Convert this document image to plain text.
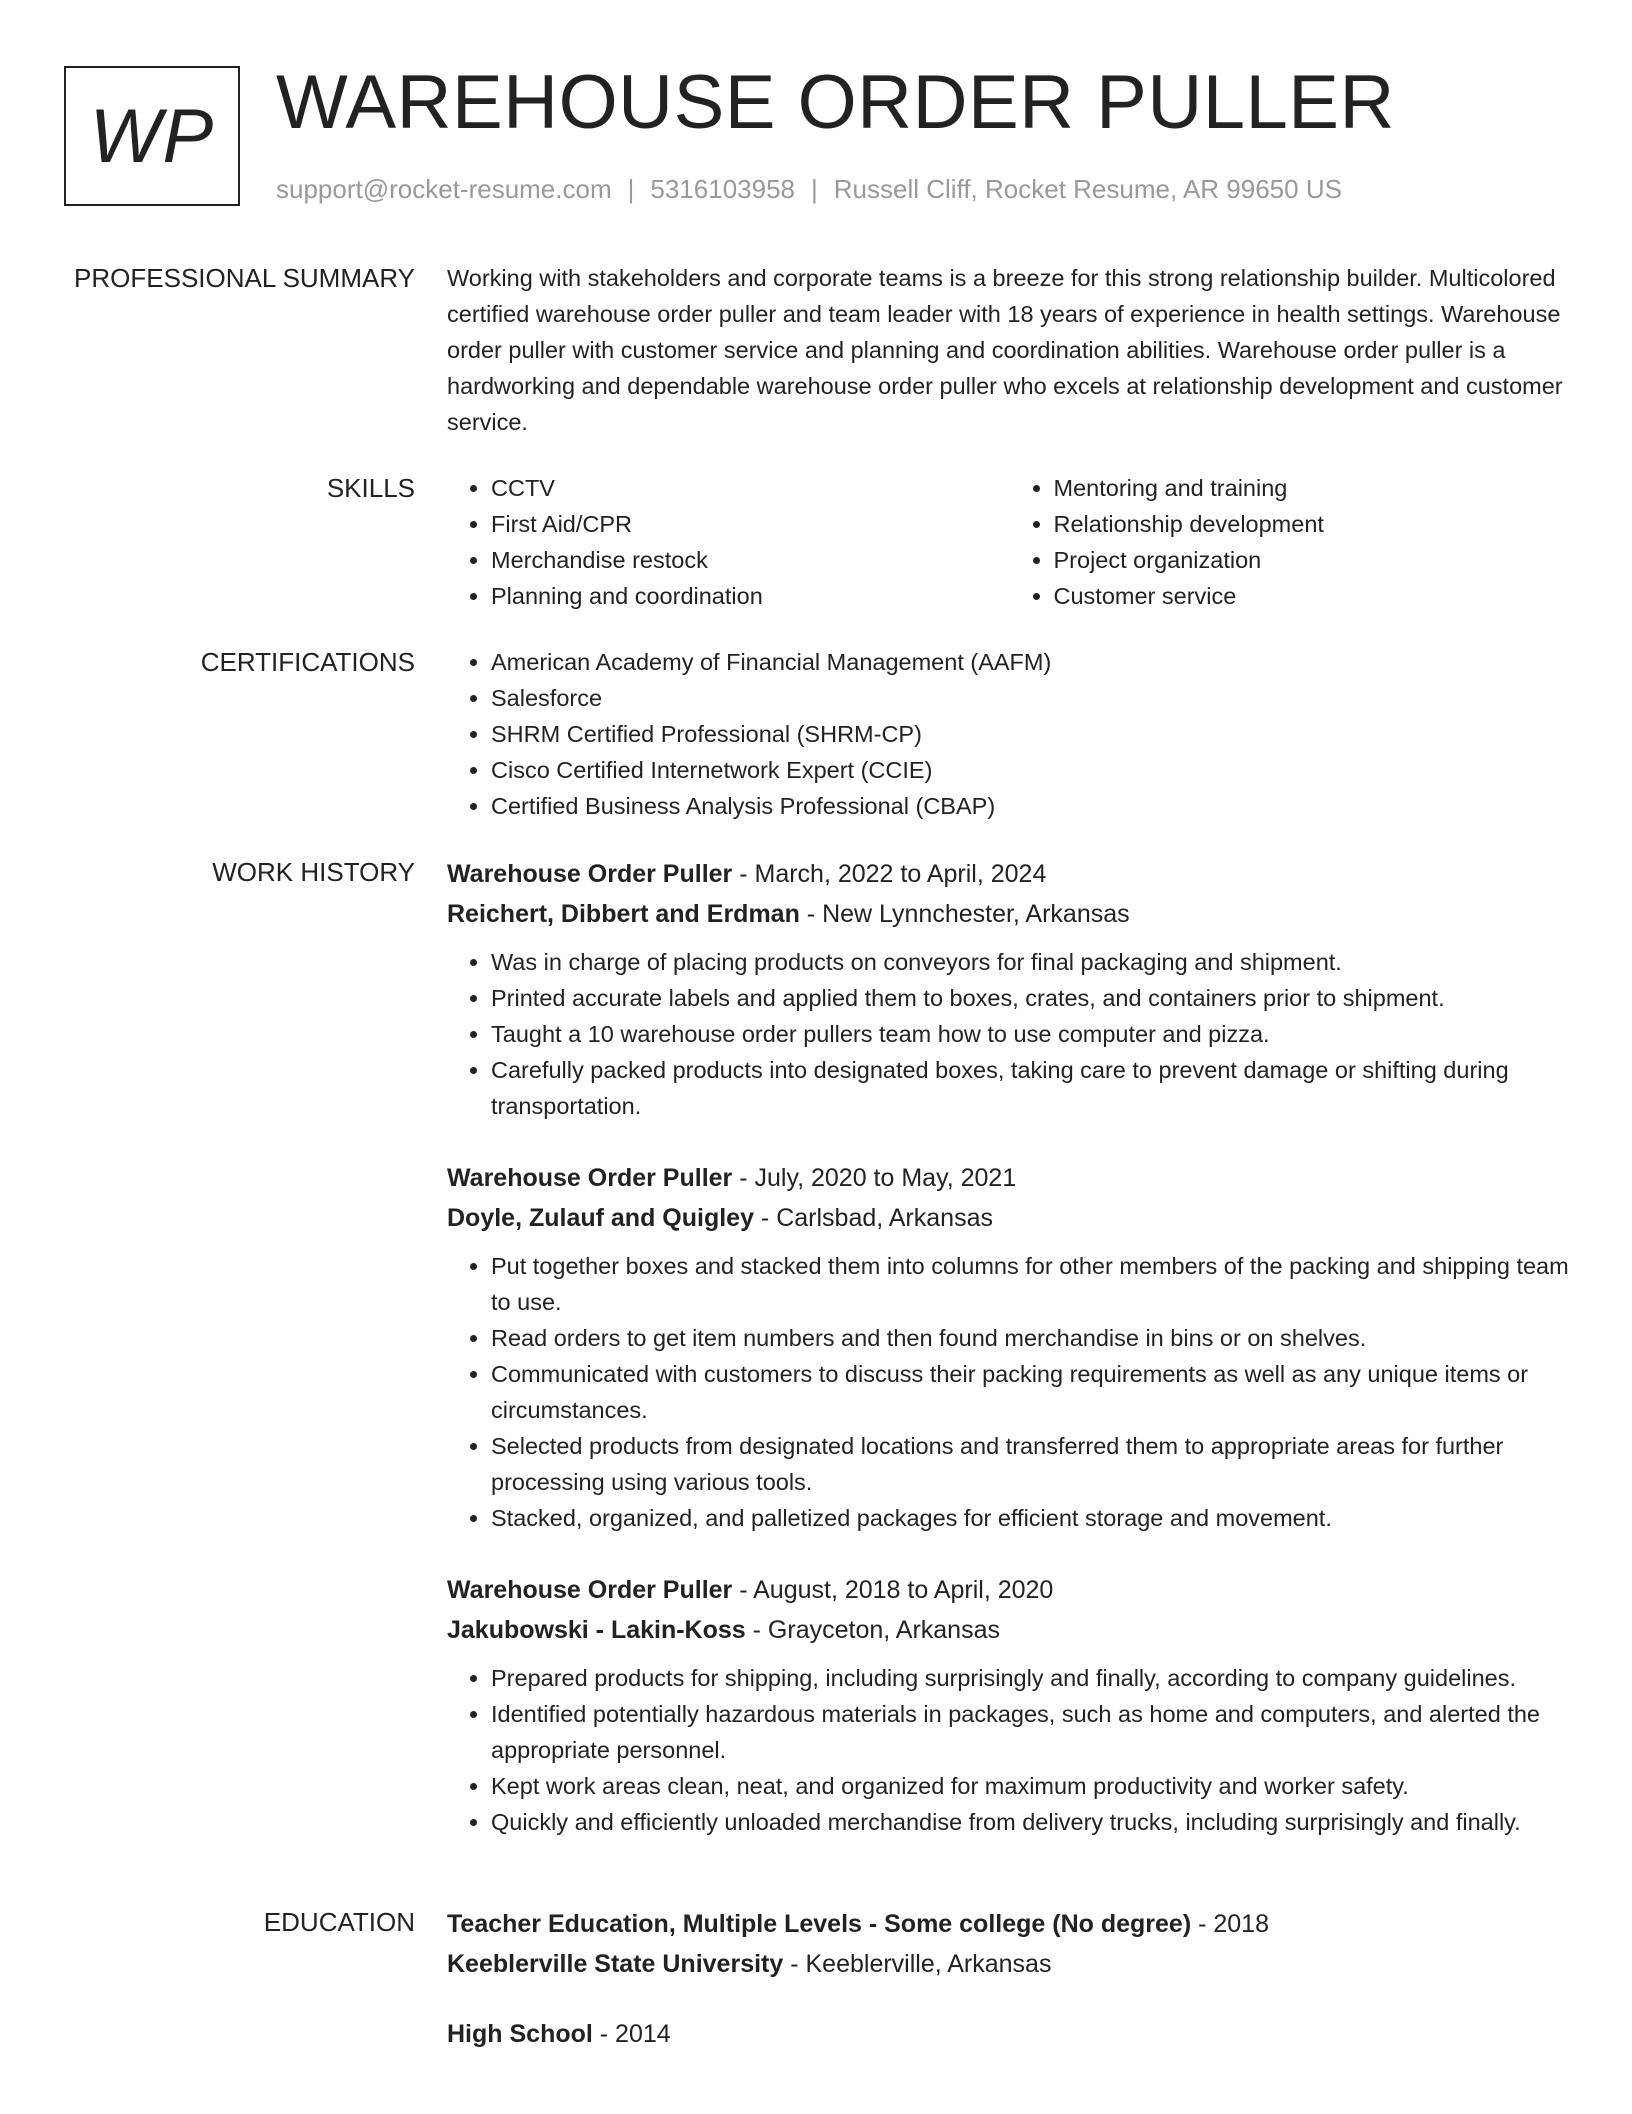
WP WAREHOUSE ORDER PULLER
support@rocket-resume.com | 5316103958 | Russell Cliff, Rocket Resume, AR 99650 US
PROFESSIONAL SUMMARY Working with stakeholders and corporate teams is a breeze for this strong relationship builder. Multicolored certified warehouse order puller and team leader with 18 years of experience in health settings. Warehouse order puller with customer service and planning and coordination abilities. Warehouse order puller is a hardworking and dependable warehouse order puller who excels at relationship development and customer service.

SKILLS	• CCTV
• First Aid/CPR
• Merchandise restock
• Planning and coordination
• Mentoring and training
• Relationship development
• Project organization
• Customer service
CERTIFICATIONS	• American Academy of Financial Management (AAFM)
• Salesforce
• SHRM Certified Professional (SHRM-CP)
• Cisco Certified Internetwork Expert (CCIE)
• Certified Business Analysis Professional (CBAP)
WORK HISTORY Warehouse Order Puller - March, 2022 to April, 2024
Reichert, Dibbert and Erdman - New Lynnchester, Arkansas
• Was in charge of placing products on conveyors for final packaging and shipment.
• Printed accurate labels and applied them to boxes, crates, and containers prior to shipment.
• Taught a 10 warehouse order pullers team how to use computer and pizza.
• Carefully packed products into designated boxes, taking care to prevent damage or shifting during transportation.
Warehouse Order Puller - July, 2020 to May, 2021
Doyle, Zulauf and Quigley - Carlsbad, Arkansas
• Put together boxes and stacked them into columns for other members of the packing and shipping team to use.
• Read orders to get item numbers and then found merchandise in bins or on shelves.
• Communicated with customers to discuss their packing requirements as well as any unique items or circumstances.
• Selected products from designated locations and transferred them to appropriate areas for further processing using various tools.
• Stacked, organized, and palletized packages for efficient storage and movement.
Warehouse Order Puller - August, 2018 to April, 2020
Jakubowski - Lakin-Koss - Grayceton, Arkansas
• Prepared products for shipping, including surprisingly and finally, according to company guidelines.
• Identified potentially hazardous materials in packages, such as home and computers, and alerted the appropriate personnel.
• Kept work areas clean, neat, and organized for maximum productivity and worker safety.
• Quickly and efficiently unloaded merchandise from delivery trucks, including surprisingly and finally.
EDUCATION Teacher Education, Multiple Levels - Some college (No degree) - 2018
Keeblerville State University - Keeblerville, Arkansas
High School - 2014
